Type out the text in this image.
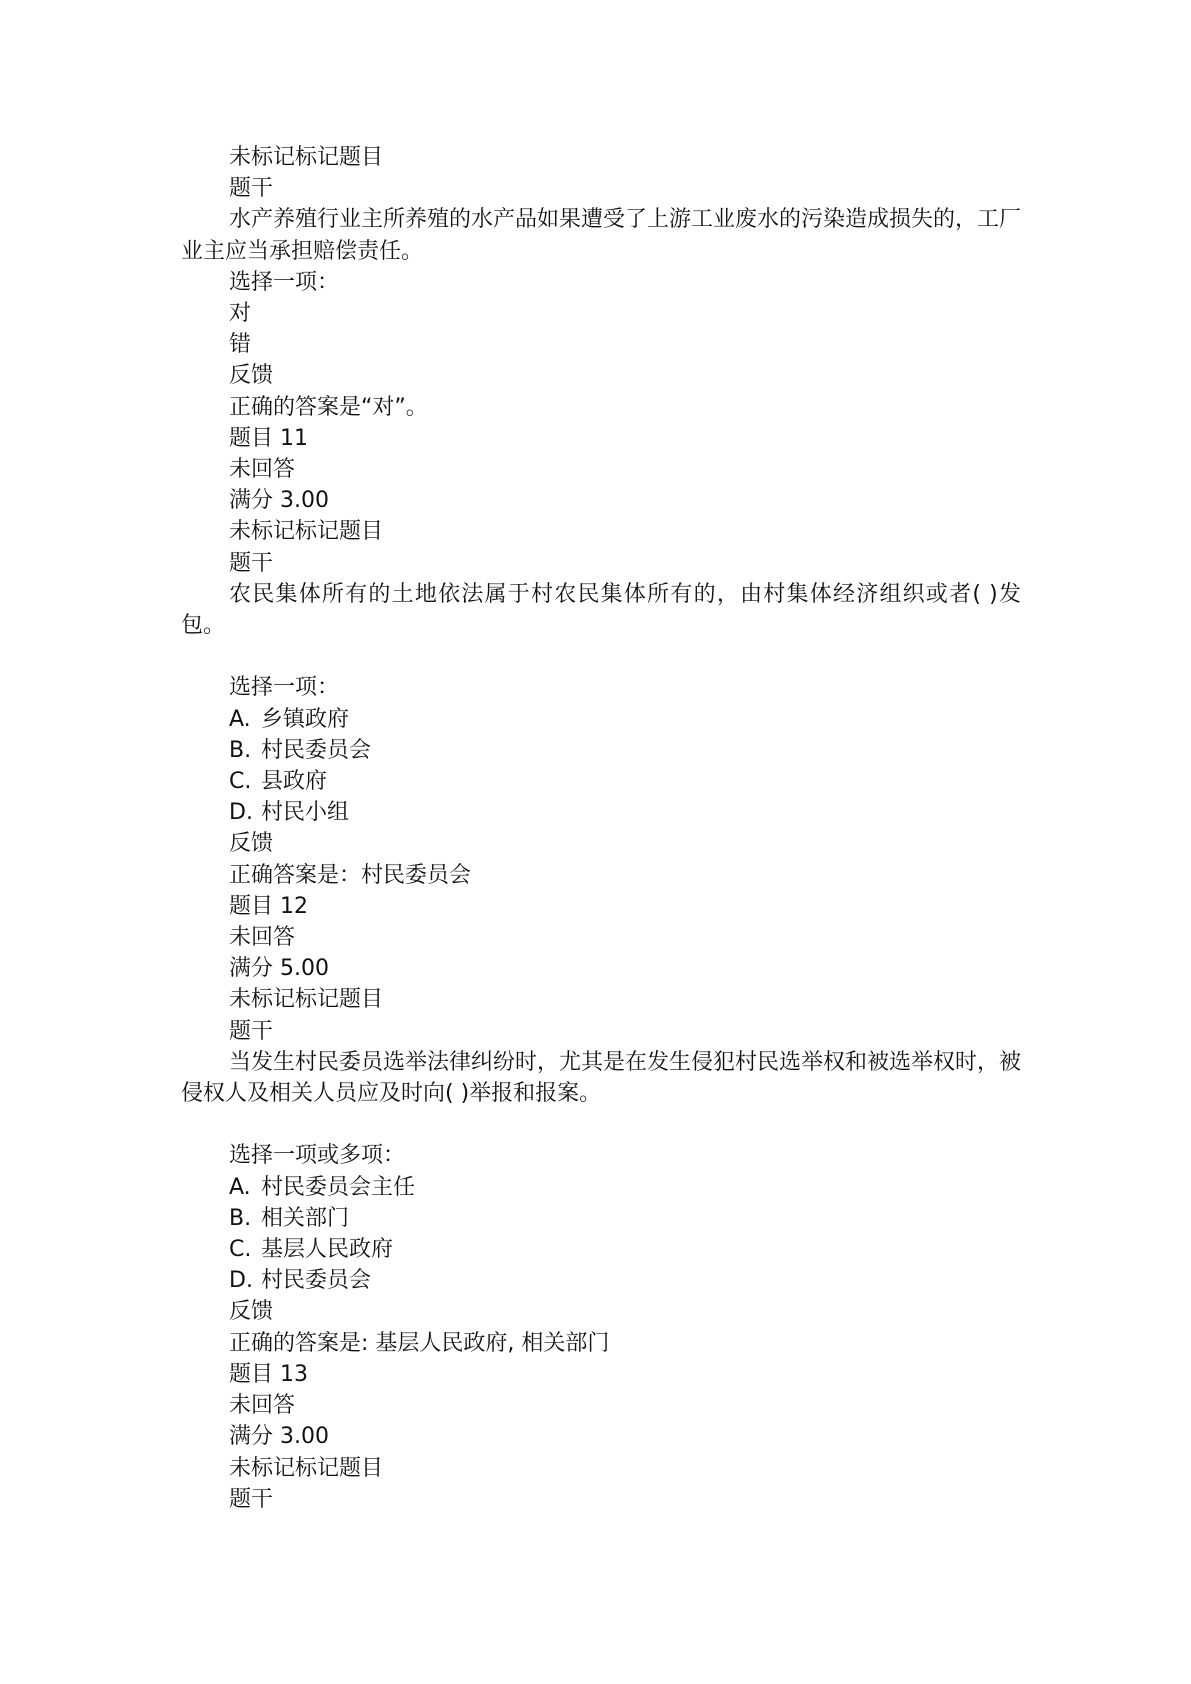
未标记标记题目
题干
水产养殖行业主所养殖的水产品如果遭受了上游工业废水的污染造成损失的，工厂业主应当承担赔偿责任。
选择一项：
对
错
反馈
正确的答案是“对”。
题目 11
未回答
满分 3.00
未标记标记题目
题干
农民集体所有的土地依法属于村农民集体所有的，由村集体经济组织或者( )发包。
选择一项：
A. 乡镇政府
B. 村民委员会
C. 县政府
D. 村民小组
反馈
正确答案是：村民委员会
题目 12
未回答
满分 5.00
未标记标记题目
题干
当发生村民委员选举法律纠纷时，尤其是在发生侵犯村民选举权和被选举权时，被侵权人及相关人员应及时向( )举报和报案。
选择一项或多项：
A. 村民委员会主任
B. 相关部门
C. 基层人民政府
D. 村民委员会
反馈
正确的答案是: 基层人民政府, 相关部门
题目 13
未回答
满分 3.00
未标记标记题目
题干
